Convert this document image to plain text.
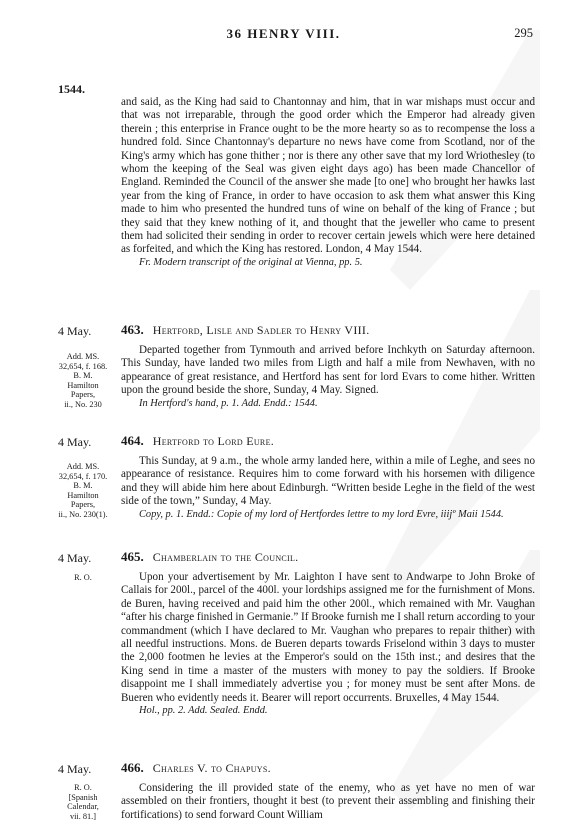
36 HENRY VIII.	295
1544.

and said, as the King had said to Chantonnay and him, that in war mishaps must occur and that was not irreparable, through the good order which the Emperor had already given therein ; this enterprise in France ought to be the more hearty so as to recompense the loss a hundred fold. Since Chantonnay's departure no news have come from Scotland, nor of the King's army which has gone thither ; nor is there any other save that my lord Wriothesley (to whom the keeping of the Seal was given eight days ago) has been made Chancellor of England. Reminded the Council of the answer she made [to one] who brought her hawks last year from the king of France, in order to have occasion to ask them what answer this King made to him who presented the hundred tuns of wine on behalf of the king of France ; but they said that they knew nothing of it, and thought that the jeweller who came to present them had solicited their sending in order to recover certain jewels which were here detained as forfeited, and which the King has restored. London, 4 May 1544.

Fr. Modern transcript of the original at Vienna, pp. 5.

4 May. 463. Hertford, Lisle and Sadler to Henry VIII.
Add. MS.
32,654, f. 168.
B. M.
Hamilton
Papers,
ii., No. 230

Departed together from Tynmouth and arrived before Inchkyth on Saturday afternoon. This Sunday, have landed two miles from Ligth and half a mile from Newhaven, with no appearance of great resistance, and Hertford has sent for lord Evars to come hither. Written upon the ground beside the shore, Sunday, 4 May. Signed.

In Hertford's hand, p. 1. Add. Endd.: 1544.

4 May. 464. Hertford to Lord Eure.
Add. MS.
32,654, f. 170.
B. M.
Hamilton
Papers,
ii., No. 230(1).

This Sunday, at 9 a.m., the whole army landed here, within a mile of Leghe, and sees no appearance of resistance. Requires him to come forward with his horsemen with diligence and they will abide him here about Edinburgh. “Written beside Leghe in the field of the west side of the town,” Sunday, 4 May.

Copy, p. 1. Endd.: Copie of my lord of Hertfordes lettre to my lord Evre, iiijº Maii 1544.

4 May. 465. Chamberlain to the Council.
R. O.	Upon your advertisement by Mr. Laighton I have sent to Andwarpe to John Broke of Callais for 200l., parcel of the 400l. your lordships assigned me for the furnishment of Mons. de Buren, having received and paid him the other 200l., which remained with Mr. Vaughan “after his charge finished in Germanie.” If Brooke furnish me I shall return according to your commandment (which I have declared to Mr. Vaughan who prepares to repair thither) with all needful instructions. Mons. de Bueren departs towards Friselond within 3 days to muster the 2,000 footmen he levies at the Emperor's sould on the 15th inst.; and desires that the King send in time a master of the musters with money to pay the soldiers. If Brooke disappoint me I shall immediately advertise you ; for money must be sent after Mons. de Bueren who evidently needs it. Bearer will report occurrents. Bruxelles, 4 May 1544.

Hol., pp. 2. Add. Sealed. Endd.

4 May. 466. Charles V. to Chapuys.
R. O.
[Spanish
Calendar,
vii. 81.]

Considering the ill provided state of the enemy, who as yet have no men of war assembled on their frontiers, thought it best (to prevent their assembling and finishing their fortifications) to send forward Count William
